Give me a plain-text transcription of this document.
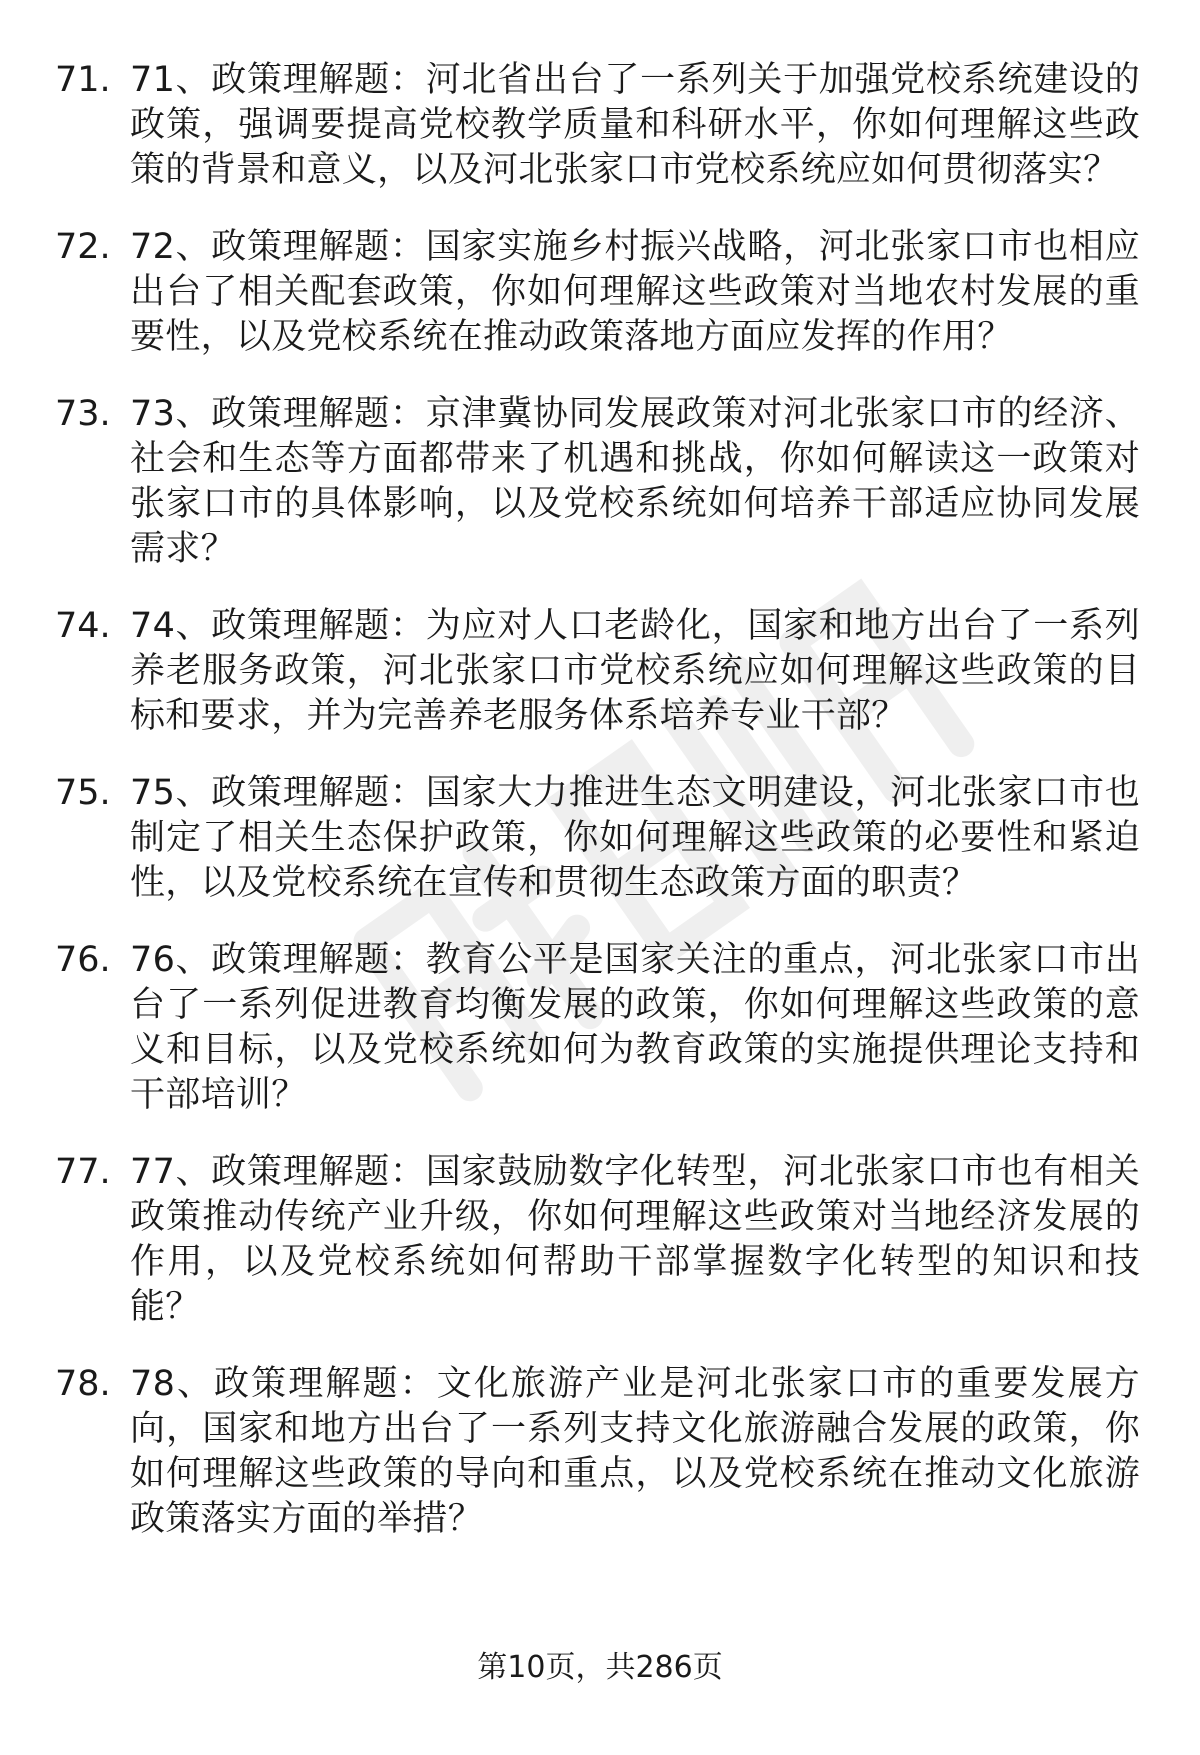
71. 71、政策理解题：河北省出台了一系列关于加强党校系统建设的政策，强调要提高党校教学质量和科研水平，你如何理解这些政策的背景和意义，以及河北张家口市党校系统应如何贯彻落实？
72. 72、政策理解题：国家实施乡村振兴战略，河北张家口市也相应出台了相关配套政策，你如何理解这些政策对当地农村发展的重要性，以及党校系统在推动政策落地方面应发挥的作用？
73. 73、政策理解题：京津冀协同发展政策对河北张家口市的经济、社会和生态等方面都带来了机遇和挑战，你如何解读这一政策对张家口市的具体影响，以及党校系统如何培养干部适应协同发展需求？
74. 74、政策理解题：为应对人口老龄化，国家和地方出台了一系列养老服务政策，河北张家口市党校系统应如何理解这些政策的目标和要求，并为完善养老服务体系培养专业干部？
75. 75、政策理解题：国家大力推进生态文明建设，河北张家口市也制定了相关生态保护政策，你如何理解这些政策的必要性和紧迫性，以及党校系统在宣传和贯彻生态政策方面的职责？
76. 76、政策理解题：教育公平是国家关注的重点，河北张家口市出台了一系列促进教育均衡发展的政策，你如何理解这些政策的意义和目标，以及党校系统如何为教育政策的实施提供理论支持和干部培训？
77. 77、政策理解题：国家鼓励数字化转型，河北张家口市也有相关政策推动传统产业升级，你如何理解这些政策对当地经济发展的作用，以及党校系统如何帮助干部掌握数字化转型的知识和技能？
78. 78、政策理解题：文化旅游产业是河北张家口市的重要发展方向，国家和地方出台了一系列支持文化旅游融合发展的政策，你如何理解这些政策的导向和重点，以及党校系统在推动文化旅游政策落实方面的举措？
第10页，共286页
